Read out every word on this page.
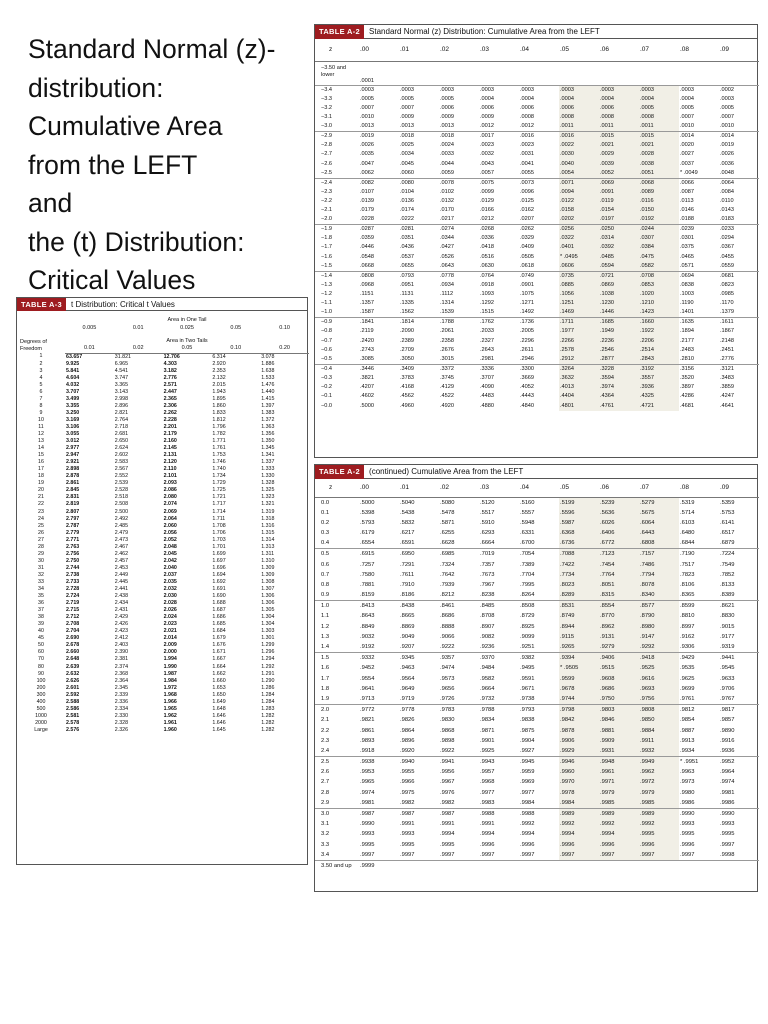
Standard Normal (z)-
distribution:
Cumulative Area
from the LEFT
and
the (t) Distribution:
Critical Values
TABLE A-2	Standard Normal (z) Distribution: Cumulative Area from the LEFT
z	.00	.01	.02	.03	.04	.05	.06	.07	.08	.09
−3.50 and lower	.0001									
−3.4	.0003	.0003	.0003	.0003	.0003	.0003	.0003	.0003	.0003	.0002
−3.3	.0005	.0005	.0005	.0004	.0004	.0004	.0004	.0004	.0004	.0003
−3.2	.0007	.0007	.0006	.0006	.0006	.0006	.0006	.0005	.0005	.0005
−3.1	.0010	.0009	.0009	.0009	.0008	.0008	.0008	.0008	.0007	.0007
−3.0	.0013	.0013	.0013	.0012	.0012	.0011	.0011	.0011	.0010	.0010
−2.9	.0019	.0018	.0018	.0017	.0016	.0016	.0015	.0015	.0014	.0014
−2.8	.0026	.0025	.0024	.0023	.0023	.0022	.0021	.0021	.0020	.0019
−2.7	.0035	.0034	.0033	.0032	.0031	.0030	.0029	.0028	.0027	.0026
−2.6	.0047	.0045	.0044	.0043	.0041	.0040	.0039	.0038	.0037	.0036
−2.5	.0062	.0060	.0059	.0057	.0055	.0054	.0052	.0051	* .0049	.0048
−2.4	.0082	.0080	.0078	.0075	.0073	.0071	.0069	.0068	.0066	.0064
−2.3	.0107	.0104	.0102	.0099	.0096	.0094	.0091	.0089	.0087	.0084
−2.2	.0139	.0136	.0132	.0129	.0125	.0122	.0119	.0116	.0113	.0110
−2.1	.0179	.0174	.0170	.0166	.0162	.0158	.0154	.0150	.0146	.0143
−2.0	.0228	.0222	.0217	.0212	.0207	.0202	.0197	.0192	.0188	.0183
−1.9	.0287	.0281	.0274	.0268	.0262	.0256	.0250	.0244	.0239	.0233
−1.8	.0359	.0351	.0344	.0336	.0329	.0322	.0314	.0307	.0301	.0294
−1.7	.0446	.0436	.0427	.0418	.0409	.0401	.0392	.0384	.0375	.0367
−1.6	.0548	.0537	.0526	.0516	.0505	* .0495	.0485	.0475	.0465	.0455
−1.5	.0668	.0655	.0643	.0630	.0618	.0606	.0594	.0582	.0571	.0559
−1.4	.0808	.0793	.0778	.0764	.0749	.0735	.0721	.0708	.0694	.0681
−1.3	.0968	.0951	.0934	.0918	.0901	.0885	.0869	.0853	.0838	.0823
−1.2	.1151	.1131	.1112	.1093	.1075	.1056	.1038	.1020	.1003	.0985
−1.1	.1357	.1335	.1314	.1292	.1271	.1251	.1230	.1210	.1190	.1170
−1.0	.1587	.1562	.1539	.1515	.1492	.1469	.1446	.1423	.1401	.1379
−0.9	.1841	.1814	.1788	.1762	.1736	.1711	.1685	.1660	.1635	.1611
−0.8	.2119	.2090	.2061	.2033	.2005	.1977	.1949	.1922	.1894	.1867
−0.7	.2420	.2389	.2358	.2327	.2296	.2266	.2236	.2206	.2177	.2148
−0.6	.2743	.2709	.2676	.2643	.2611	.2578	.2546	.2514	.2483	.2451
−0.5	.3085	.3050	.3015	.2981	.2946	.2912	.2877	.2843	.2810	.2776
−0.4	.3446	.3409	.3372	.3336	.3300	.3264	.3228	.3192	.3156	.3121
−0.3	.3821	.3783	.3745	.3707	.3669	.3632	.3594	.3557	.3520	.3483
−0.2	.4207	.4168	.4129	.4090	.4052	.4013	.3974	.3936	.3897	.3859
−0.1	.4602	.4562	.4522	.4483	.4443	.4404	.4364	.4325	.4286	.4247
−0.0	.5000	.4960	.4920	.4880	.4840	.4801	.4761	.4721	.4681	.4641
TABLE A-2	(continued) Cumulative Area from the LEFT
z	.00	.01	.02	.03	.04	.05	.06	.07	.08	.09
0.0	.5000	.5040	.5080	.5120	.5160	.5199	.5239	.5279	.5319	.5359
0.1	.5398	.5438	.5478	.5517	.5557	.5596	.5636	.5675	.5714	.5753
0.2	.5793	.5832	.5871	.5910	.5948	.5987	.6026	.6064	.6103	.6141
0.3	.6179	.6217	.6255	.6293	.6331	.6368	.6406	.6443	.6480	.6517
0.4	.6554	.6591	.6628	.6664	.6700	.6736	.6772	.6808	.6844	.6879
0.5	.6915	.6950	.6985	.7019	.7054	.7088	.7123	.7157	.7190	.7224
0.6	.7257	.7291	.7324	.7357	.7389	.7422	.7454	.7486	.7517	.7549
0.7	.7580	.7611	.7642	.7673	.7704	.7734	.7764	.7794	.7823	.7852
0.8	.7881	.7910	.7939	.7967	.7995	.8023	.8051	.8078	.8106	.8133
0.9	.8159	.8186	.8212	.8238	.8264	.8289	.8315	.8340	.8365	.8389
1.0	.8413	.8438	.8461	.8485	.8508	.8531	.8554	.8577	.8599	.8621
1.1	.8643	.8665	.8686	.8708	.8729	.8749	.8770	.8790	.8810	.8830
1.2	.8849	.8869	.8888	.8907	.8925	.8944	.8962	.8980	.8997	.9015
1.3	.9032	.9049	.9066	.9082	.9099	.9115	.9131	.9147	.9162	.9177
1.4	.9192	.9207	.9222	.9236	.9251	.9265	.9279	.9292	.9306	.9319
1.5	.9332	.9345	.9357	.9370	.9382	.9394	.9406	.9418	.9429	.9441
1.6	.9452	.9463	.9474	.9484	.9495	* .9505	.9515	.9525	.9535	.9545
1.7	.9554	.9564	.9573	.9582	.9591	.9599	.9608	.9616	.9625	.9633
1.8	.9641	.9649	.9656	.9664	.9671	.9678	.9686	.9693	.9699	.9706
1.9	.9713	.9719	.9726	.9732	.9738	.9744	.9750	.9756	.9761	.9767
2.0	.9772	.9778	.9783	.9788	.9793	.9798	.9803	.9808	.9812	.9817
2.1	.9821	.9826	.9830	.9834	.9838	.9842	.9846	.9850	.9854	.9857
2.2	.9861	.9864	.9868	.9871	.9875	.9878	.9881	.9884	.9887	.9890
2.3	.9893	.9896	.9898	.9901	.9904	.9906	.9909	.9911	.9913	.9916
2.4	.9918	.9920	.9922	.9925	.9927	.9929	.9931	.9932	.9934	.9936
2.5	.9938	.9940	.9941	.9943	.9945	.9946	.9948	.9949	* .9951	.9952
2.6	.9953	.9955	.9956	.9957	.9959	.9960	.9961	.9962	.9963	.9964
2.7	.9965	.9966	.9967	.9968	.9969	.9970	.9971	.9972	.9973	.9974
2.8	.9974	.9975	.9976	.9977	.9977	.9978	.9979	.9979	.9980	.9981
2.9	.9981	.9982	.9982	.9983	.9984	.9984	.9985	.9985	.9986	.9986
3.0	.9987	.9987	.9987	.9988	.9988	.9989	.9989	.9989	.9990	.9990
3.1	.9990	.9991	.9991	.9991	.9992	.9992	.9992	.9992	.9993	.9993
3.2	.9993	.9993	.9994	.9994	.9994	.9994	.9994	.9995	.9995	.9995
3.3	.9995	.9995	.9995	.9996	.9996	.9996	.9996	.9996	.9996	.9997
3.4	.9997	.9997	.9997	.9997	.9997	.9997	.9997	.9997	.9997	.9998
3.50 and up	.9999									
TABLE A-3	t Distribution: Critical t Values
	Area in One Tail				
	0.005	0.01	0.025	0.05	0.10
Degrees of Freedom	Area in Two Tails				
	0.01	0.02	0.05	0.10	0.20
1	63.657	31.821	12.706	6.314	3.078
2	9.925	6.965	4.303	2.920	1.886
3	5.841	4.541	3.182	2.353	1.638
4	4.604	3.747	2.776	2.132	1.533
5	4.032	3.365	2.571	2.015	1.476
6	3.707	3.143	2.447	1.943	1.440
7	3.499	2.998	2.365	1.895	1.415
8	3.355	2.896	2.306	1.860	1.397
9	3.250	2.821	2.262	1.833	1.383
10	3.169	2.764	2.228	1.812	1.372
11	3.106	2.718	2.201	1.796	1.363
12	3.055	2.681	2.179	1.782	1.356
13	3.012	2.650	2.160	1.771	1.350
14	2.977	2.624	2.145	1.761	1.345
15	2.947	2.602	2.131	1.753	1.341
16	2.921	2.583	2.120	1.746	1.337
17	2.898	2.567	2.110	1.740	1.333
18	2.878	2.552	2.101	1.734	1.330
19	2.861	2.539	2.093	1.729	1.328
20	2.845	2.528	2.086	1.725	1.325
21	2.831	2.518	2.080	1.721	1.323
22	2.819	2.508	2.074	1.717	1.321
23	2.807	2.500	2.069	1.714	1.319
24	2.797	2.492	2.064	1.711	1.318
25	2.787	2.485	2.060	1.708	1.316
26	2.779	2.479	2.056	1.706	1.315
27	2.771	2.473	2.052	1.703	1.314
28	2.763	2.467	2.048	1.701	1.313
29	2.756	2.462	2.045	1.699	1.311
30	2.750	2.457	2.042	1.697	1.310
31	2.744	2.453	2.040	1.696	1.309
32	2.738	2.449	2.037	1.694	1.309
33	2.733	2.445	2.035	1.692	1.308
34	2.728	2.441	2.032	1.691	1.307
35	2.724	2.438	2.030	1.690	1.306
36	2.719	2.434	2.028	1.688	1.306
37	2.715	2.431	2.026	1.687	1.305
38	2.712	2.429	2.024	1.686	1.304
39	2.708	2.426	2.023	1.685	1.304
40	2.704	2.423	2.021	1.684	1.303
45	2.690	2.412	2.014	1.679	1.301
50	2.678	2.403	2.009	1.676	1.299
60	2.660	2.390	2.000	1.671	1.296
70	2.648	2.381	1.994	1.667	1.294
80	2.639	2.374	1.990	1.664	1.292
90	2.632	2.368	1.987	1.662	1.291
100	2.626	2.364	1.984	1.660	1.290
200	2.601	2.345	1.972	1.653	1.286
300	2.592	2.339	1.968	1.650	1.284
400	2.588	2.336	1.966	1.649	1.284
500	2.586	2.334	1.965	1.648	1.283
1000	2.581	2.330	1.962	1.646	1.282
2000	2.578	2.328	1.961	1.646	1.282
Large	2.576	2.326	1.960	1.645	1.282
